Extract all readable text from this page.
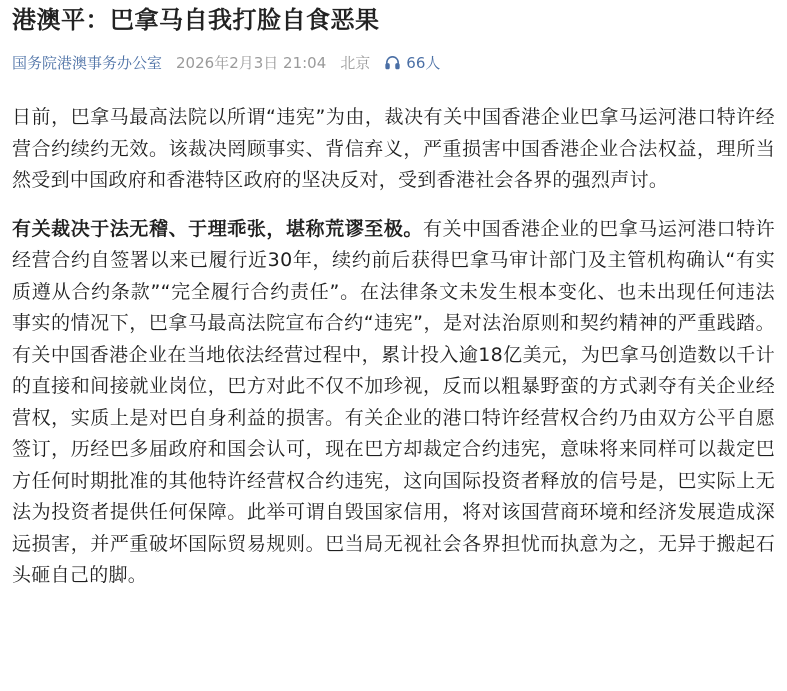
港澳平：巴拿马自我打脸自食恶果
国务院港澳事务办公室 2026年2月3日 21:04 北京 66人

日前，巴拿马最高法院以所谓“违宪”为由，裁决有关中国香港企业巴拿马运河港口特许经营合约续约无效。该裁决罔顾事实、背信弃义，严重损害中国香港企业合法权益，理所当然受到中国政府和香港特区政府的坚决反对，受到香港社会各界的强烈声讨。

有关裁决于法无稽、于理乖张，堪称荒谬至极。有关中国香港企业的巴拿马运河港口特许经营合约自签署以来已履行近30年，续约前后获得巴拿马审计部门及主管机构确认“有实质遵从合约条款”“完全履行合约责任”。在法律条文未发生根本变化、也未出现任何违法事实的情况下，巴拿马最高法院宣布合约“违宪”，是对法治原则和契约精神的严重践踏。有关中国香港企业在当地依法经营过程中，累计投入逾18亿美元，为巴拿马创造数以千计的直接和间接就业岗位，巴方对此不仅不加珍视，反而以粗暴野蛮的方式剥夺有关企业经营权，实质上是对巴自身利益的损害。有关企业的港口特许经营权合约乃由双方公平自愿签订，历经巴多届政府和国会认可，现在巴方却裁定合约违宪，意味将来同样可以裁定巴方任何时期批准的其他特许经营权合约违宪，这向国际投资者释放的信号是，巴实际上无法为投资者提供任何保障。此举可谓自毁国家信用，将对该国营商环境和经济发展造成深远损害，并严重破坏国际贸易规则。巴当局无视社会各界担忧而执意为之，无异于搬起石头砸自己的脚。
